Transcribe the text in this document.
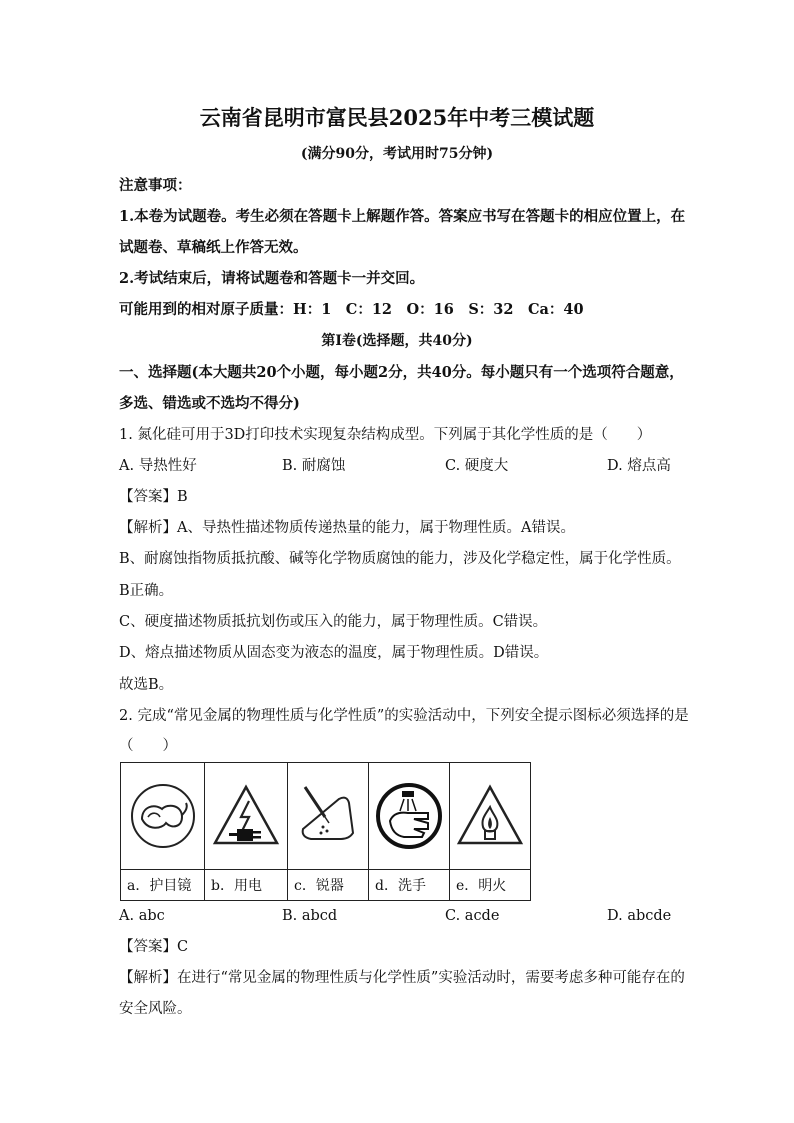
云南省昆明市富民县2025年中考三模试题
(满分90分，考试用时75分钟)
注意事项：
1.本卷为试题卷。考生必须在答题卡上解题作答。答案应书写在答题卡的相应位置上，在
试题卷、草稿纸上作答无效。
2.考试结束后，请将试题卷和答题卡一并交回。
可能用到的相对原子质量：H：1　C：12　O：16　S：32　Ca：40
第Ⅰ卷(选择题，共40分)
一、选择题(本大题共20个小题，每小题2分，共40分。每小题只有一个选项符合题意，
多选、错选或不选均不得分)
1. 氮化硅可用于3D打印技术实现复杂结构成型。下列属于其化学性质的是（　　）
A. 导热性好	B. 耐腐蚀	C. 硬度大	D. 熔点高
【答案】B
【解析】A、导热性描述物质传递热量的能力，属于物理性质。A错误。
B、耐腐蚀指物质抵抗酸、碱等化学物质腐蚀的能力，涉及化学稳定性，属于化学性质。
B正确。
C、硬度描述物质抵抗划伤或压入的能力，属于物理性质。C错误。
D、熔点描述物质从固态变为液态的温度，属于物理性质。D错误。
故选B。
2. 完成“常见金属的物理性质与化学性质”的实验活动中，下列安全提示图标必须选择的是
（　　）

a．护目镜	b．用电	c．锐器	d．洗手	e．明火
A. abc	B. abcd	C. acde	D. abcde
【答案】C
【解析】在进行“常见金属的物理性质与化学性质”实验活动时，需要考虑多种可能存在的
安全风险。
